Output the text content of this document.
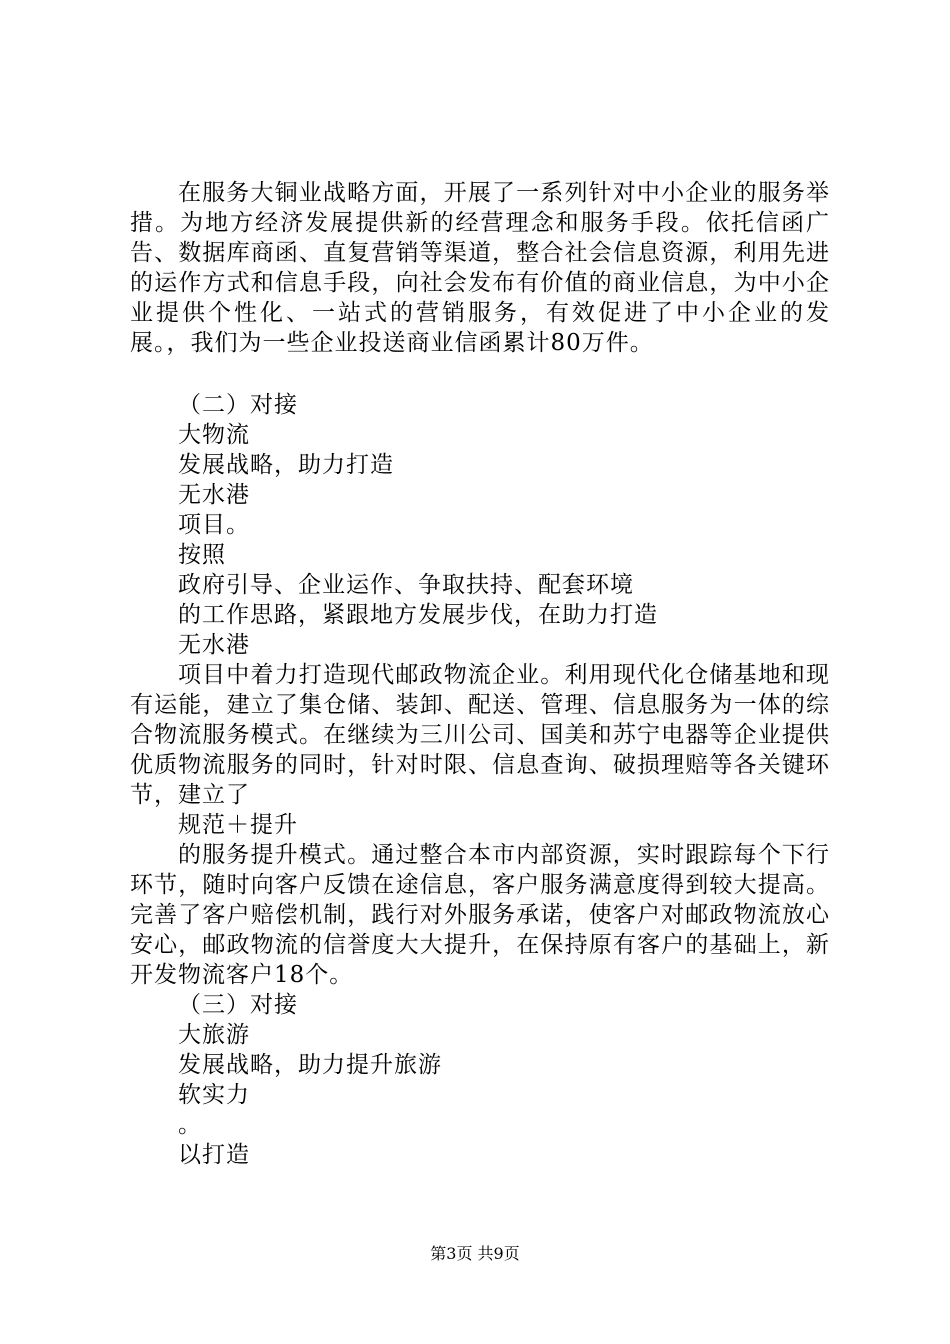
在服务大铜业战略方面，开展了一系列针对中小企业的服务举措。为地方经济发展提供新的经营理念和服务手段。依托信函广告、数据库商函、直复营销等渠道，整合社会信息资源，利用先进的运作方式和信息手段，向社会发布有价值的商业信息，为中小企业提供个性化、一站式的营销服务，有效促进了中小企业的发展。，我们为一些企业投送商业信函累计80万件。

（二）对接

大物流

发展战略，助力打造

无水港

项目。

按照

政府引导、企业运作、争取扶持、配套环境

的工作思路，紧跟地方发展步伐，在助力打造

无水港

项目中着力打造现代邮政物流企业。利用现代化仓储基地和现有运能，建立了集仓储、装卸、配送、管理、信息服务为一体的综合物流服务模式。在继续为三川公司、国美和苏宁电器等企业提供优质物流服务的同时，针对时限、信息查询、破损理赔等各关键环节，建立了

规范＋提升

的服务提升模式。通过整合本市内部资源，实时跟踪每个下行环节，随时向客户反馈在途信息，客户服务满意度得到较大提高。完善了客户赔偿机制，践行对外服务承诺，使客户对邮政物流放心安心，邮政物流的信誉度大大提升，在保持原有客户的基础上，新开发物流客户18个。

（三）对接

大旅游

发展战略，助力提升旅游

软实力

。

以打造

第3页 共9页
